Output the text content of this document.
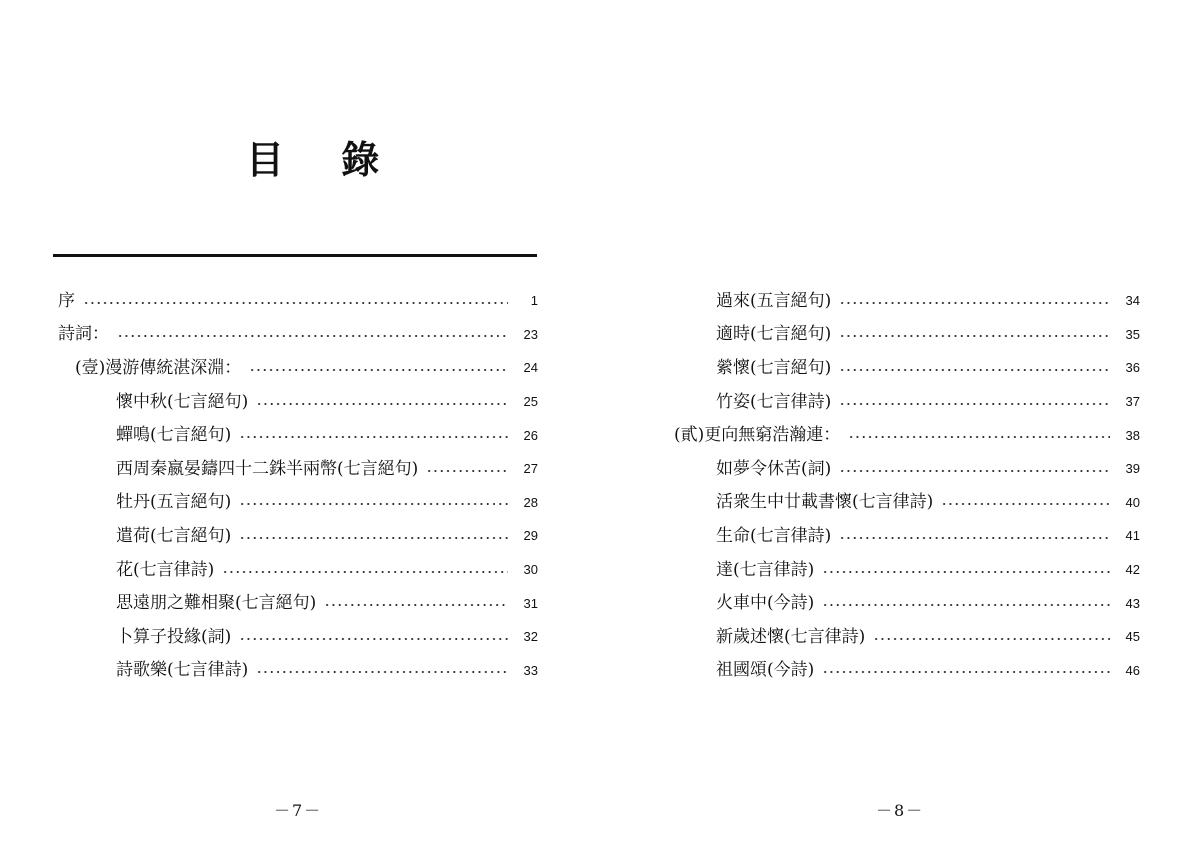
目 錄
序	1
詩詞：	23
(壹)漫游傳統湛深淵：	24
懷中秋(七言絕句)	25
蟬鳴(七言絕句)	26
西周秦嬴晏鑄四十二銖半兩幣(七言絕句)	27
牡丹(五言絕句)	28
遣荷(七言絕句)	29
花(七言律詩)	30
思遠朋之難相聚(七言絕句)	31
卜算子投緣(詞)	32
詩歌樂(七言律詩)	33
－7－
過來(五言絕句)	34
適時(七言絕句)	35
縈懷(七言絕句)	36
竹姿(七言律詩)	37
(貳)更向無窮浩瀚連：	38
如夢令休苦(詞)	39
活衆生中廿載書懷(七言律詩)	40
生命(七言律詩)	41
達(七言律詩)	42
火車中(今詩)	43
新歲述懷(七言律詩)	45
祖國頌(今詩)	46
－8－
